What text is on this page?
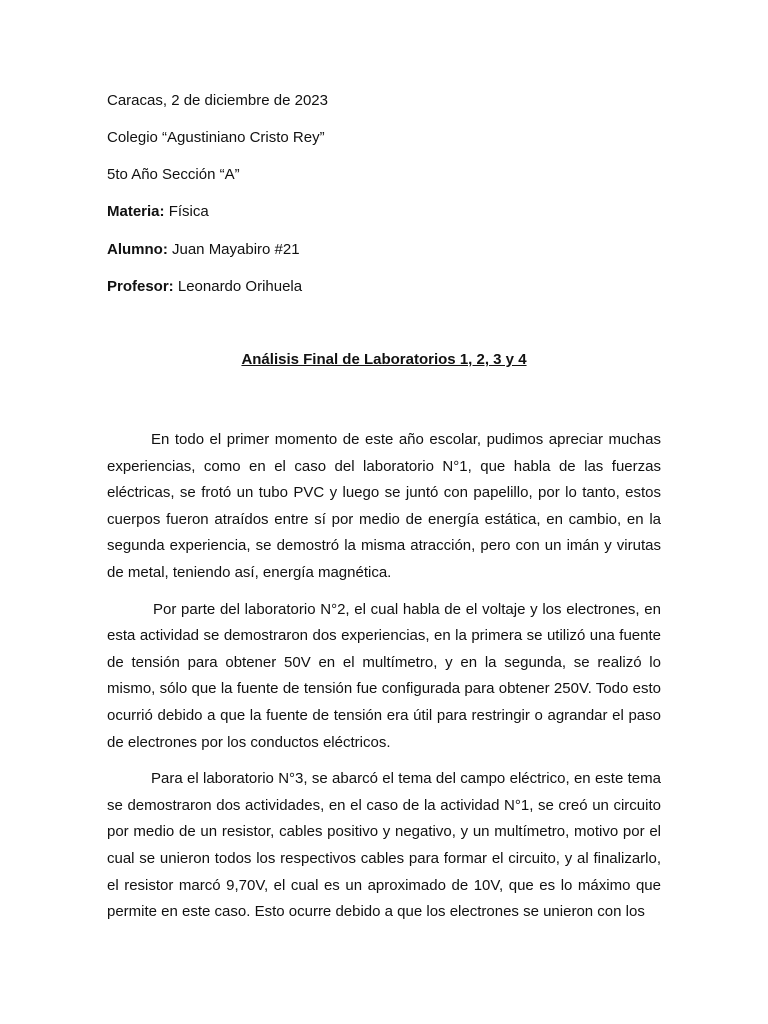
Caracas, 2 de diciembre de 2023
Colegio “Agustiniano Cristo Rey”
5to Año Sección “A”
Materia: Física
Alumno: Juan Mayabiro #21
Profesor: Leonardo Orihuela
Análisis Final de Laboratorios 1, 2, 3 y 4

En todo el primer momento de este año escolar, pudimos apreciar muchas experiencias, como en el caso del laboratorio N°1, que habla de las fuerzas eléctricas, se frotó un tubo PVC y luego se juntó con papelillo, por lo tanto, estos cuerpos fueron atraídos entre sí por medio de energía estática, en cambio, en la segunda experiencia, se demostró la misma atracción, pero con un imán y virutas de metal, teniendo así, energía magnética.

Por parte del laboratorio N°2, el cual habla de el voltaje y los electrones, en esta actividad se demostraron dos experiencias, en la primera se utilizó una fuente de tensión para obtener 50V en el multímetro, y en la segunda, se realizó lo mismo, sólo que la fuente de tensión fue configurada para obtener 250V. Todo esto ocurrió debido a que la fuente de tensión era útil para restringir o agrandar el paso de electrones por los conductos eléctricos.

Para el laboratorio N°3, se abarcó el tema del campo eléctrico, en este tema se demostraron dos actividades, en el caso de la actividad N°1, se creó un circuito por medio de un resistor, cables positivo y negativo, y un multímetro, motivo por el cual se unieron todos los respectivos cables para formar el circuito, y al finalizarlo, el resistor marcó 9,70V, el cual es un aproximado de 10V, que es lo máximo que permite en este caso. Esto ocurre debido a que los electrones se unieron con los
